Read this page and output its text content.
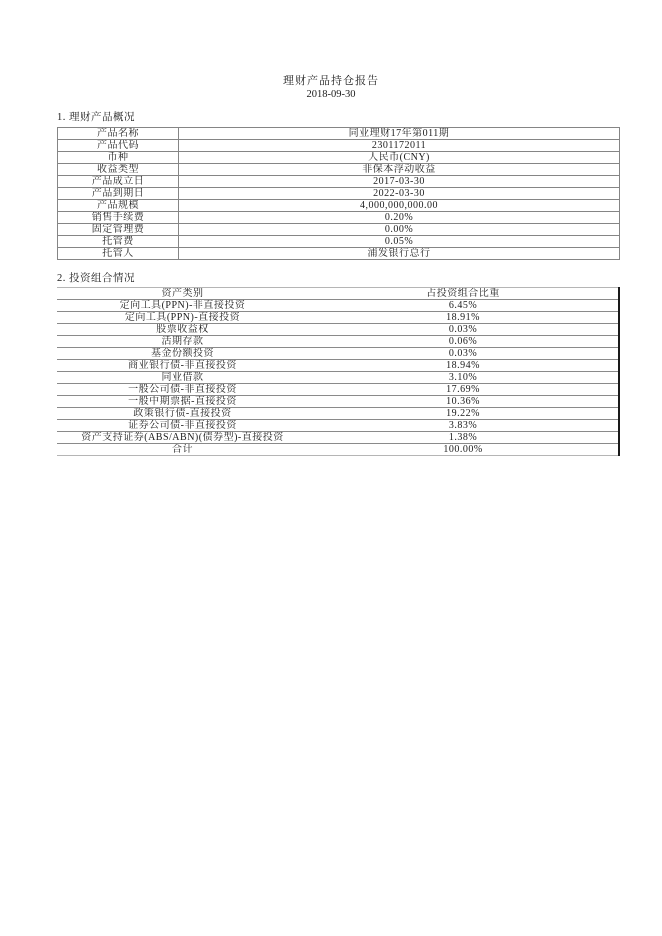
理财产品持仓报告
2018-09-30
1. 理财产品概况
产品名称	同业理财17年第011期
产品代码	2301172011
币种	人民币(CNY)
收益类型	非保本浮动收益
产品成立日	2017-03-30
产品到期日	2022-03-30
产品规模	4,000,000,000.00
销售手续费	0.20%
固定管理费	0.00%
托管费	0.05%
托管人	浦发银行总行
2. 投资组合情况
资产类别	占投资组合比重
定向工具(PPN)-非直接投资	6.45%
定向工具(PPN)-直接投资	18.91%
股票收益权	0.03%
活期存款	0.06%
基金份额投资	0.03%
商业银行债-非直接投资	18.94%
同业借款	3.10%
一般公司债-非直接投资	17.69%
一般中期票据-直接投资	10.36%
政策银行债-直接投资	19.22%
证券公司债-非直接投资	3.83%
资产支持证券(ABS/ABN)(债券型)-直接投资	1.38%
合计	100.00%
